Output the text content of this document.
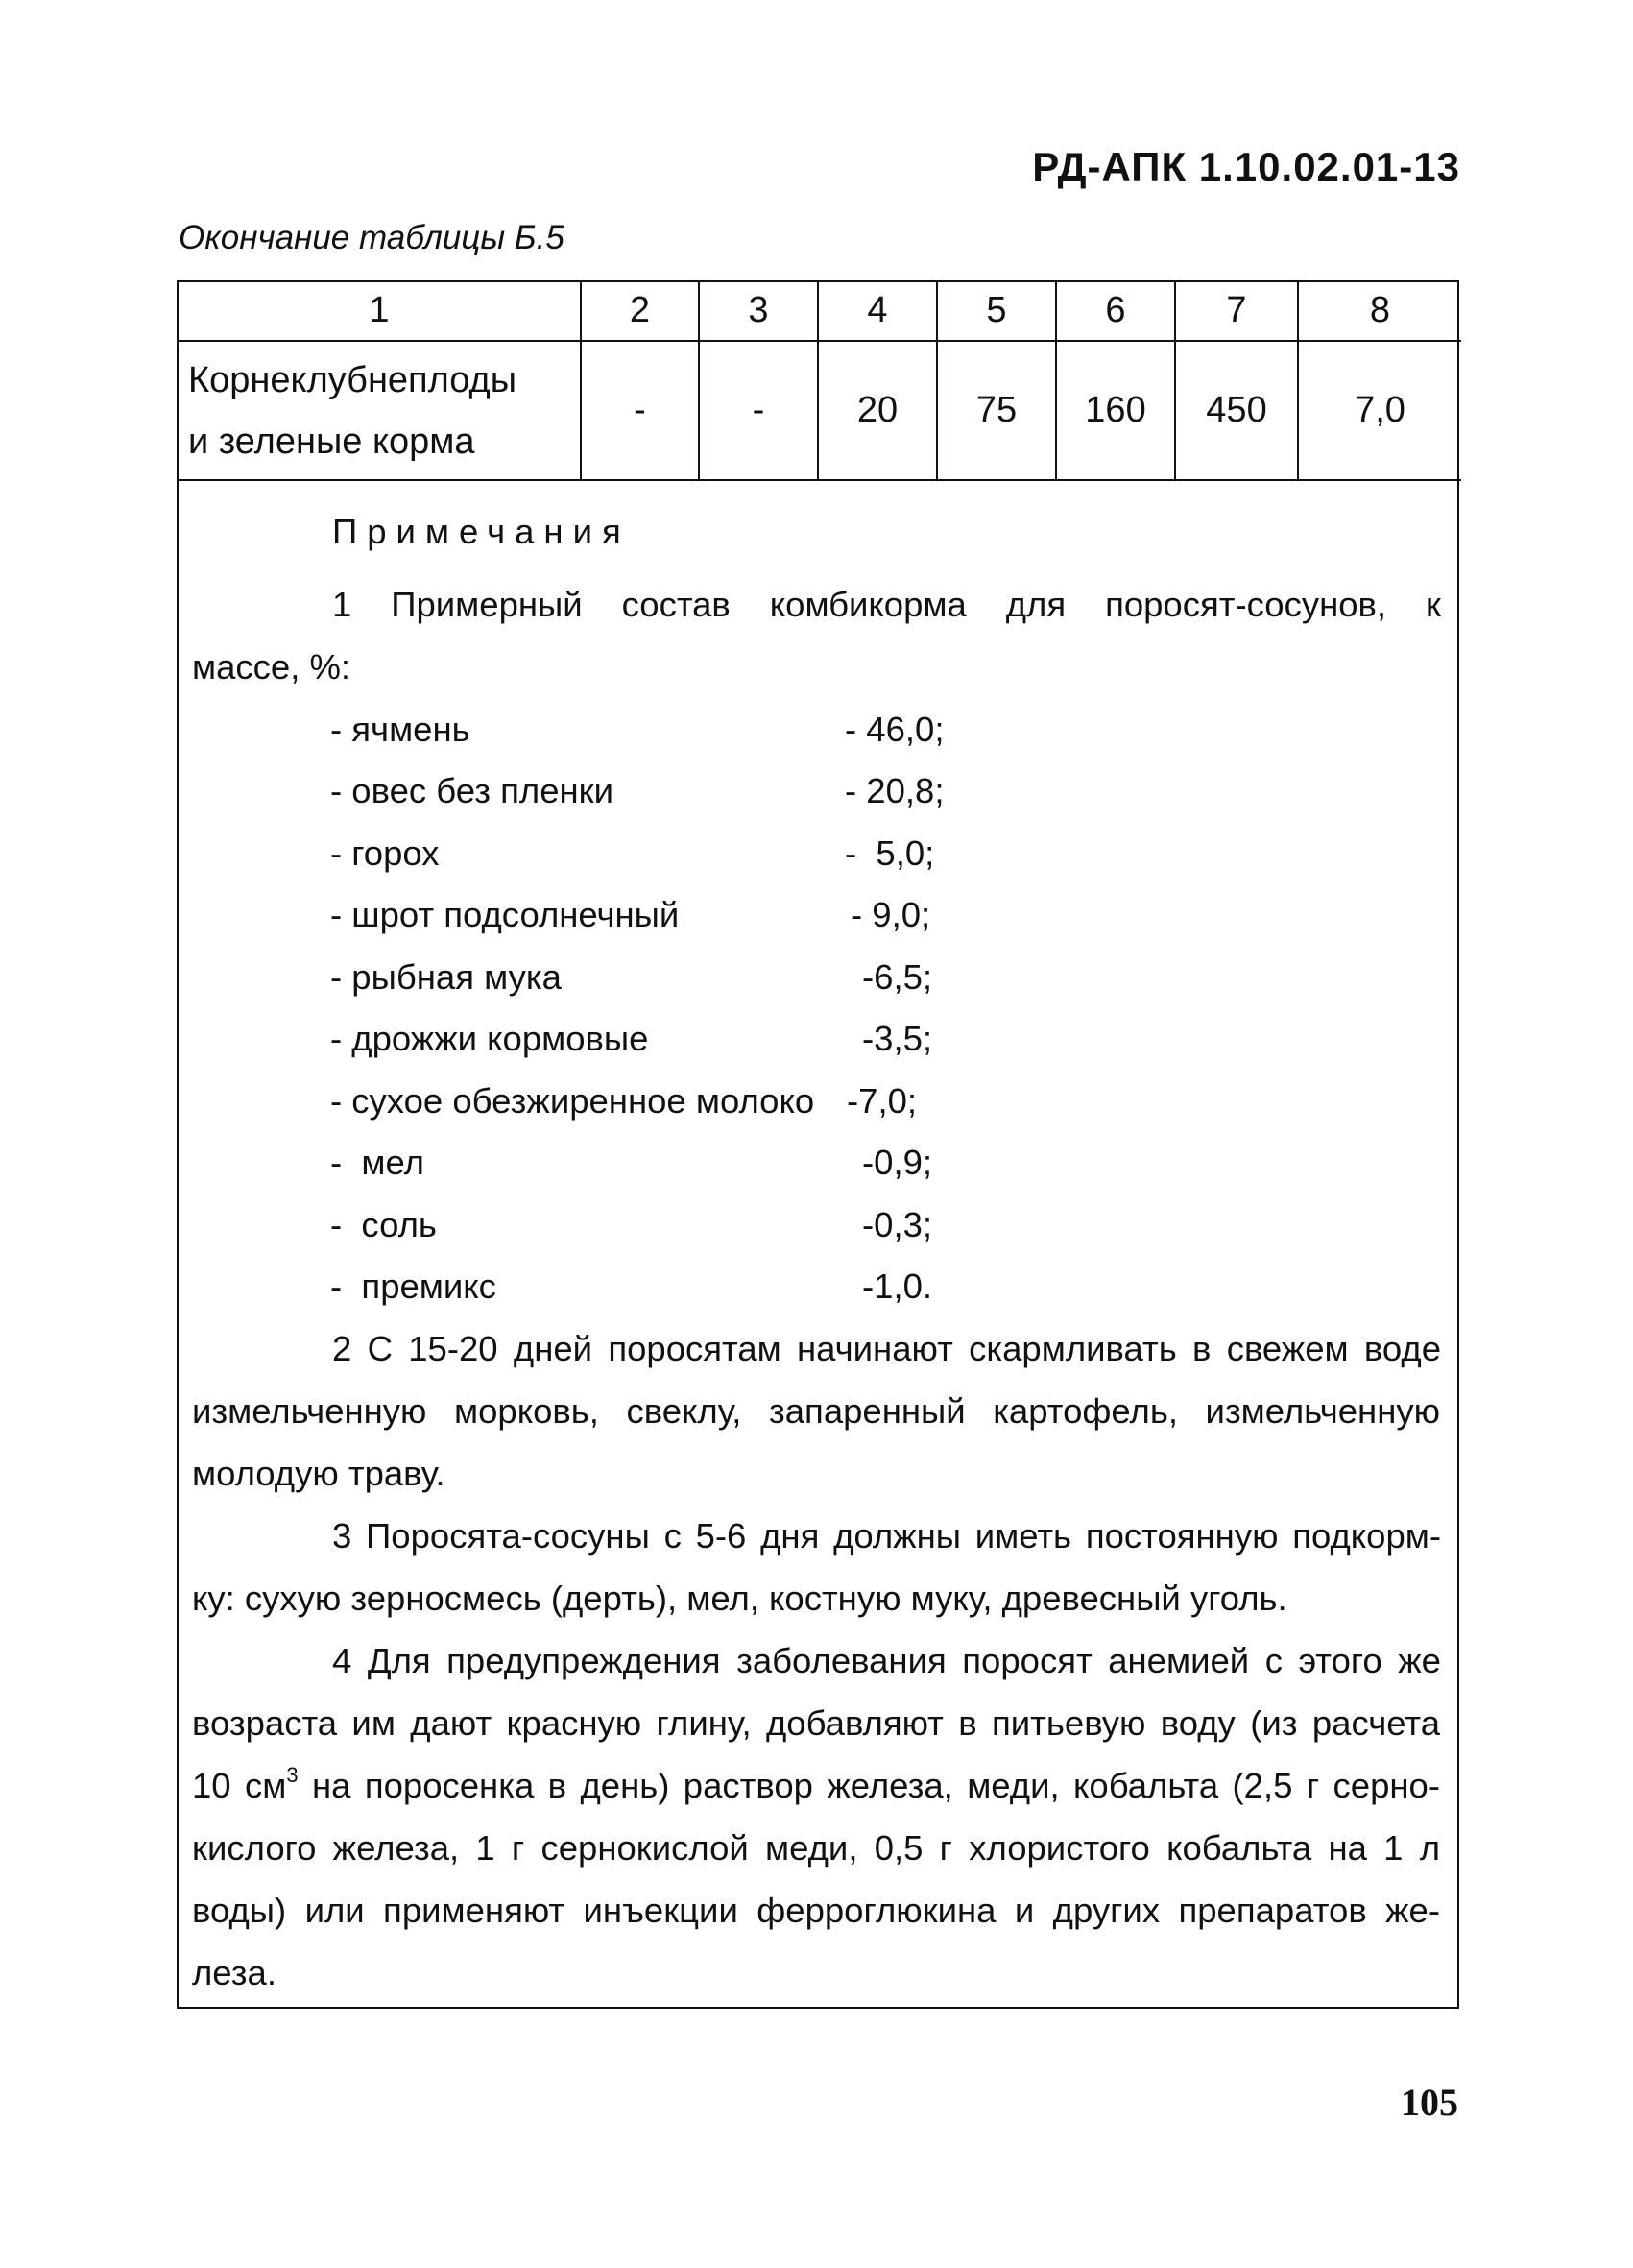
РД-АПК 1.10.02.01-13
Окончание таблицы Б.5
1	2	3	4	5	6	7	8

Корнеклубнеплоды
и зеленые корма	-	-	20	75	160	450	7,0
Примечания
1 Примерный состав комбикорма для поросят-сосунов, к
массе, %:
- ячмень	- 46,0;
- овес без пленки	- 20,8;
- горох	-  5,0;
- шрот подсолнечный	- 9,0;
- рыбная мука	-6,5;
- дрожжи кормовые	-3,5;
- сухое обезжиренное молоко -7,0;
-  мел	-0,9;
-  соль	-0,3;
-  премикс	-1,0.
2 С 15-20 дней поросятам начинают скармливать в свежем воде
измельченную морковь, свеклу, запаренный картофель, измельченную
молодую траву.
3 Поросята-сосуны с 5-6 дня должны иметь постоянную подкорм-
ку: сухую зерносмесь (дерть), мел, костную муку, древесный уголь.
4 Для предупреждения заболевания поросят анемией с этого же
возраста им дают красную глину, добавляют в питьевую воду (из расчета
10 $см^3$ на поросенка в день) раствор железа, меди, кобальта (2,5 г серно-
кислого железа, 1 г сернокислой меди, 0,5 г хлористого кобальта на 1 л
воды) или применяют инъекции ферроглюкина и других препаратов же-
леза.
105
